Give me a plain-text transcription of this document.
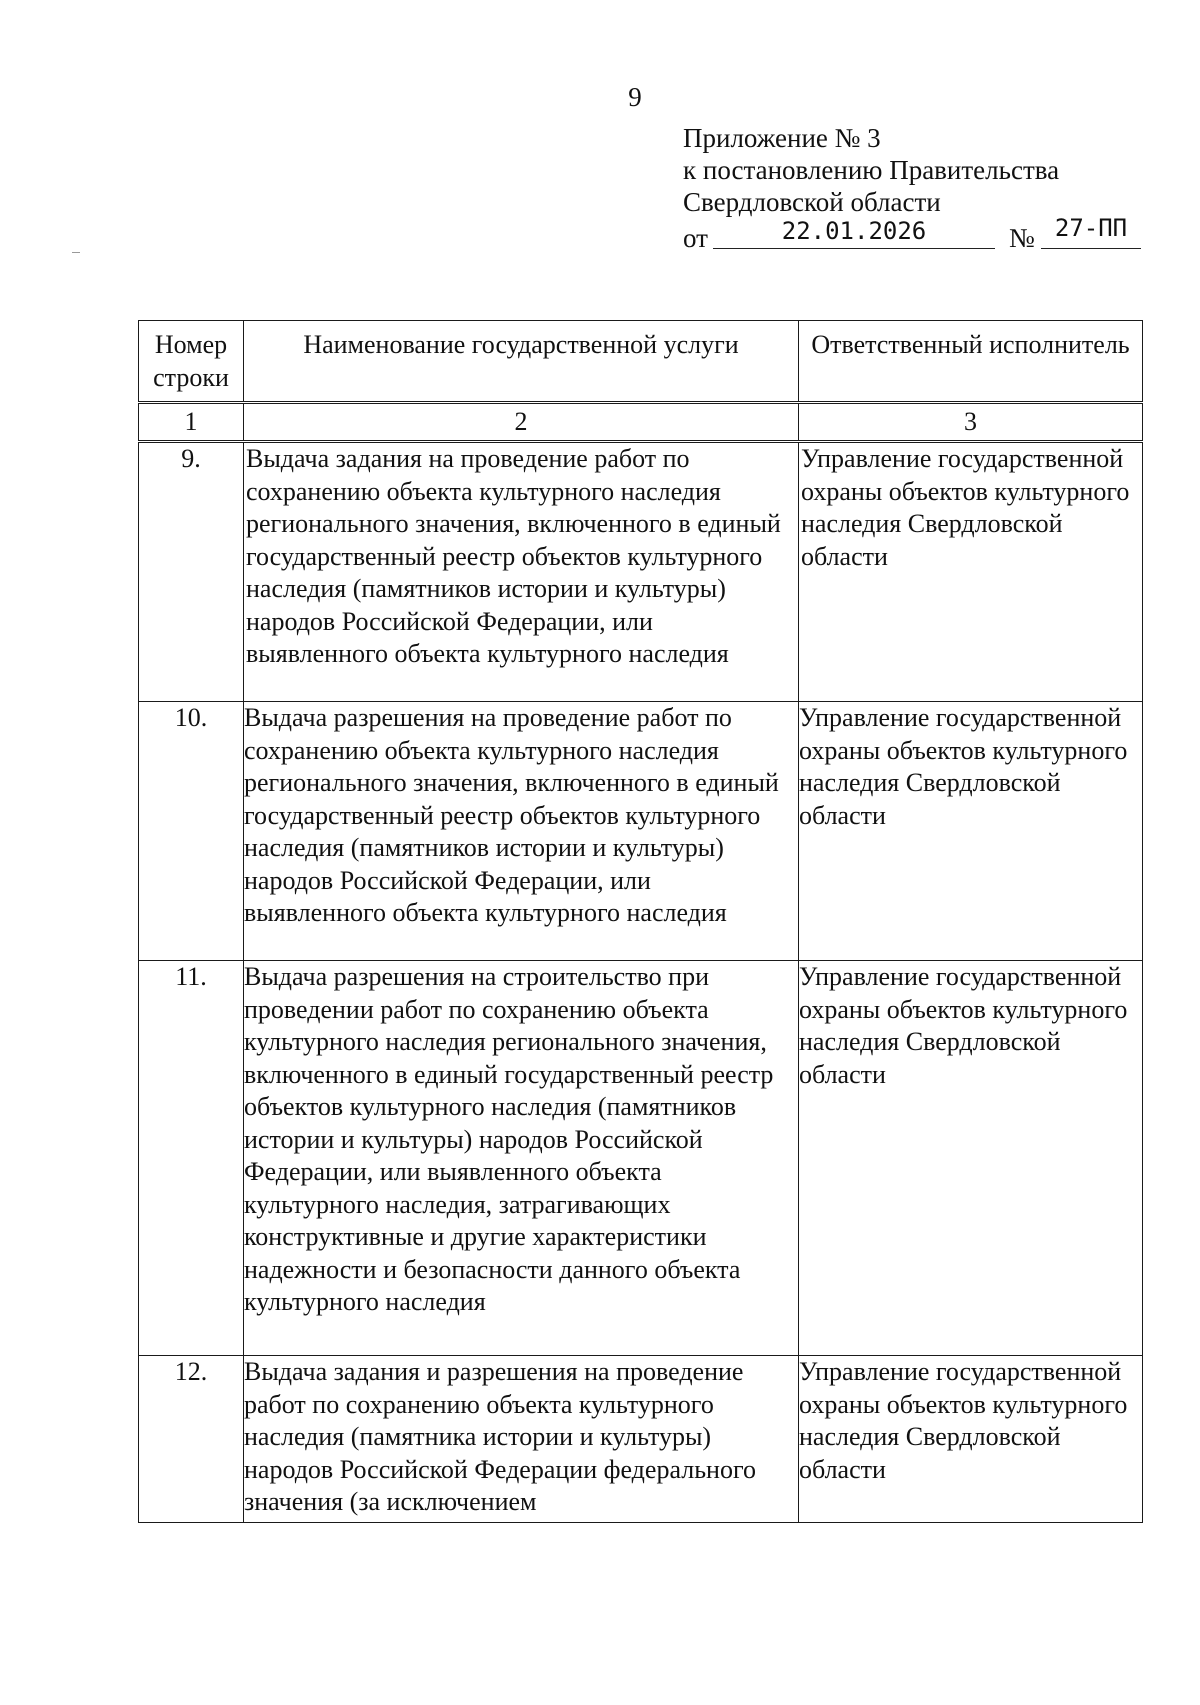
9
Приложение № 3
к постановлению Правительства
Свердловской области
от	22.01.2026	№ 27-ПП
Номер строки	Наименование государственной услуги	Ответственный исполнитель
1	2	3
9.	Выдача задания на проведение работ по сохранению объекта культурного наследия регионального значения, включенного в единый государственный реестр объектов культурного наследия (памятников истории и культуры) народов Российской Федерации, или выявленного объекта культурного наследия	Управление государственной охраны объектов культурного наследия Свердловской области
10.	Выдача разрешения на проведение работ по сохранению объекта культурного наследия регионального значения, включенного в единый государственный реестр объектов культурного наследия (памятников истории и культуры) народов Российской Федерации, или выявленного объекта культурного наследия	Управление государственной охраны объектов культурного наследия Свердловской области
11.	Выдача разрешения на строительство при проведении работ по сохранению объекта культурного наследия регионального значения, включенного в единый государственный реестр объектов культурного наследия (памятников истории и культуры) народов Российской Федерации, или выявленного объекта культурного наследия, затрагивающих конструктивные и другие характеристики надежности и безопасности данного объекта культурного наследия	Управление государственной охраны объектов культурного наследия Свердловской области
12.	Выдача задания и разрешения на проведение работ по сохранению объекта культурного наследия (памятника истории и культуры) народов Российской Федерации федерального значения (за исключением	Управление государственной охраны объектов культурного наследия Свердловской области
